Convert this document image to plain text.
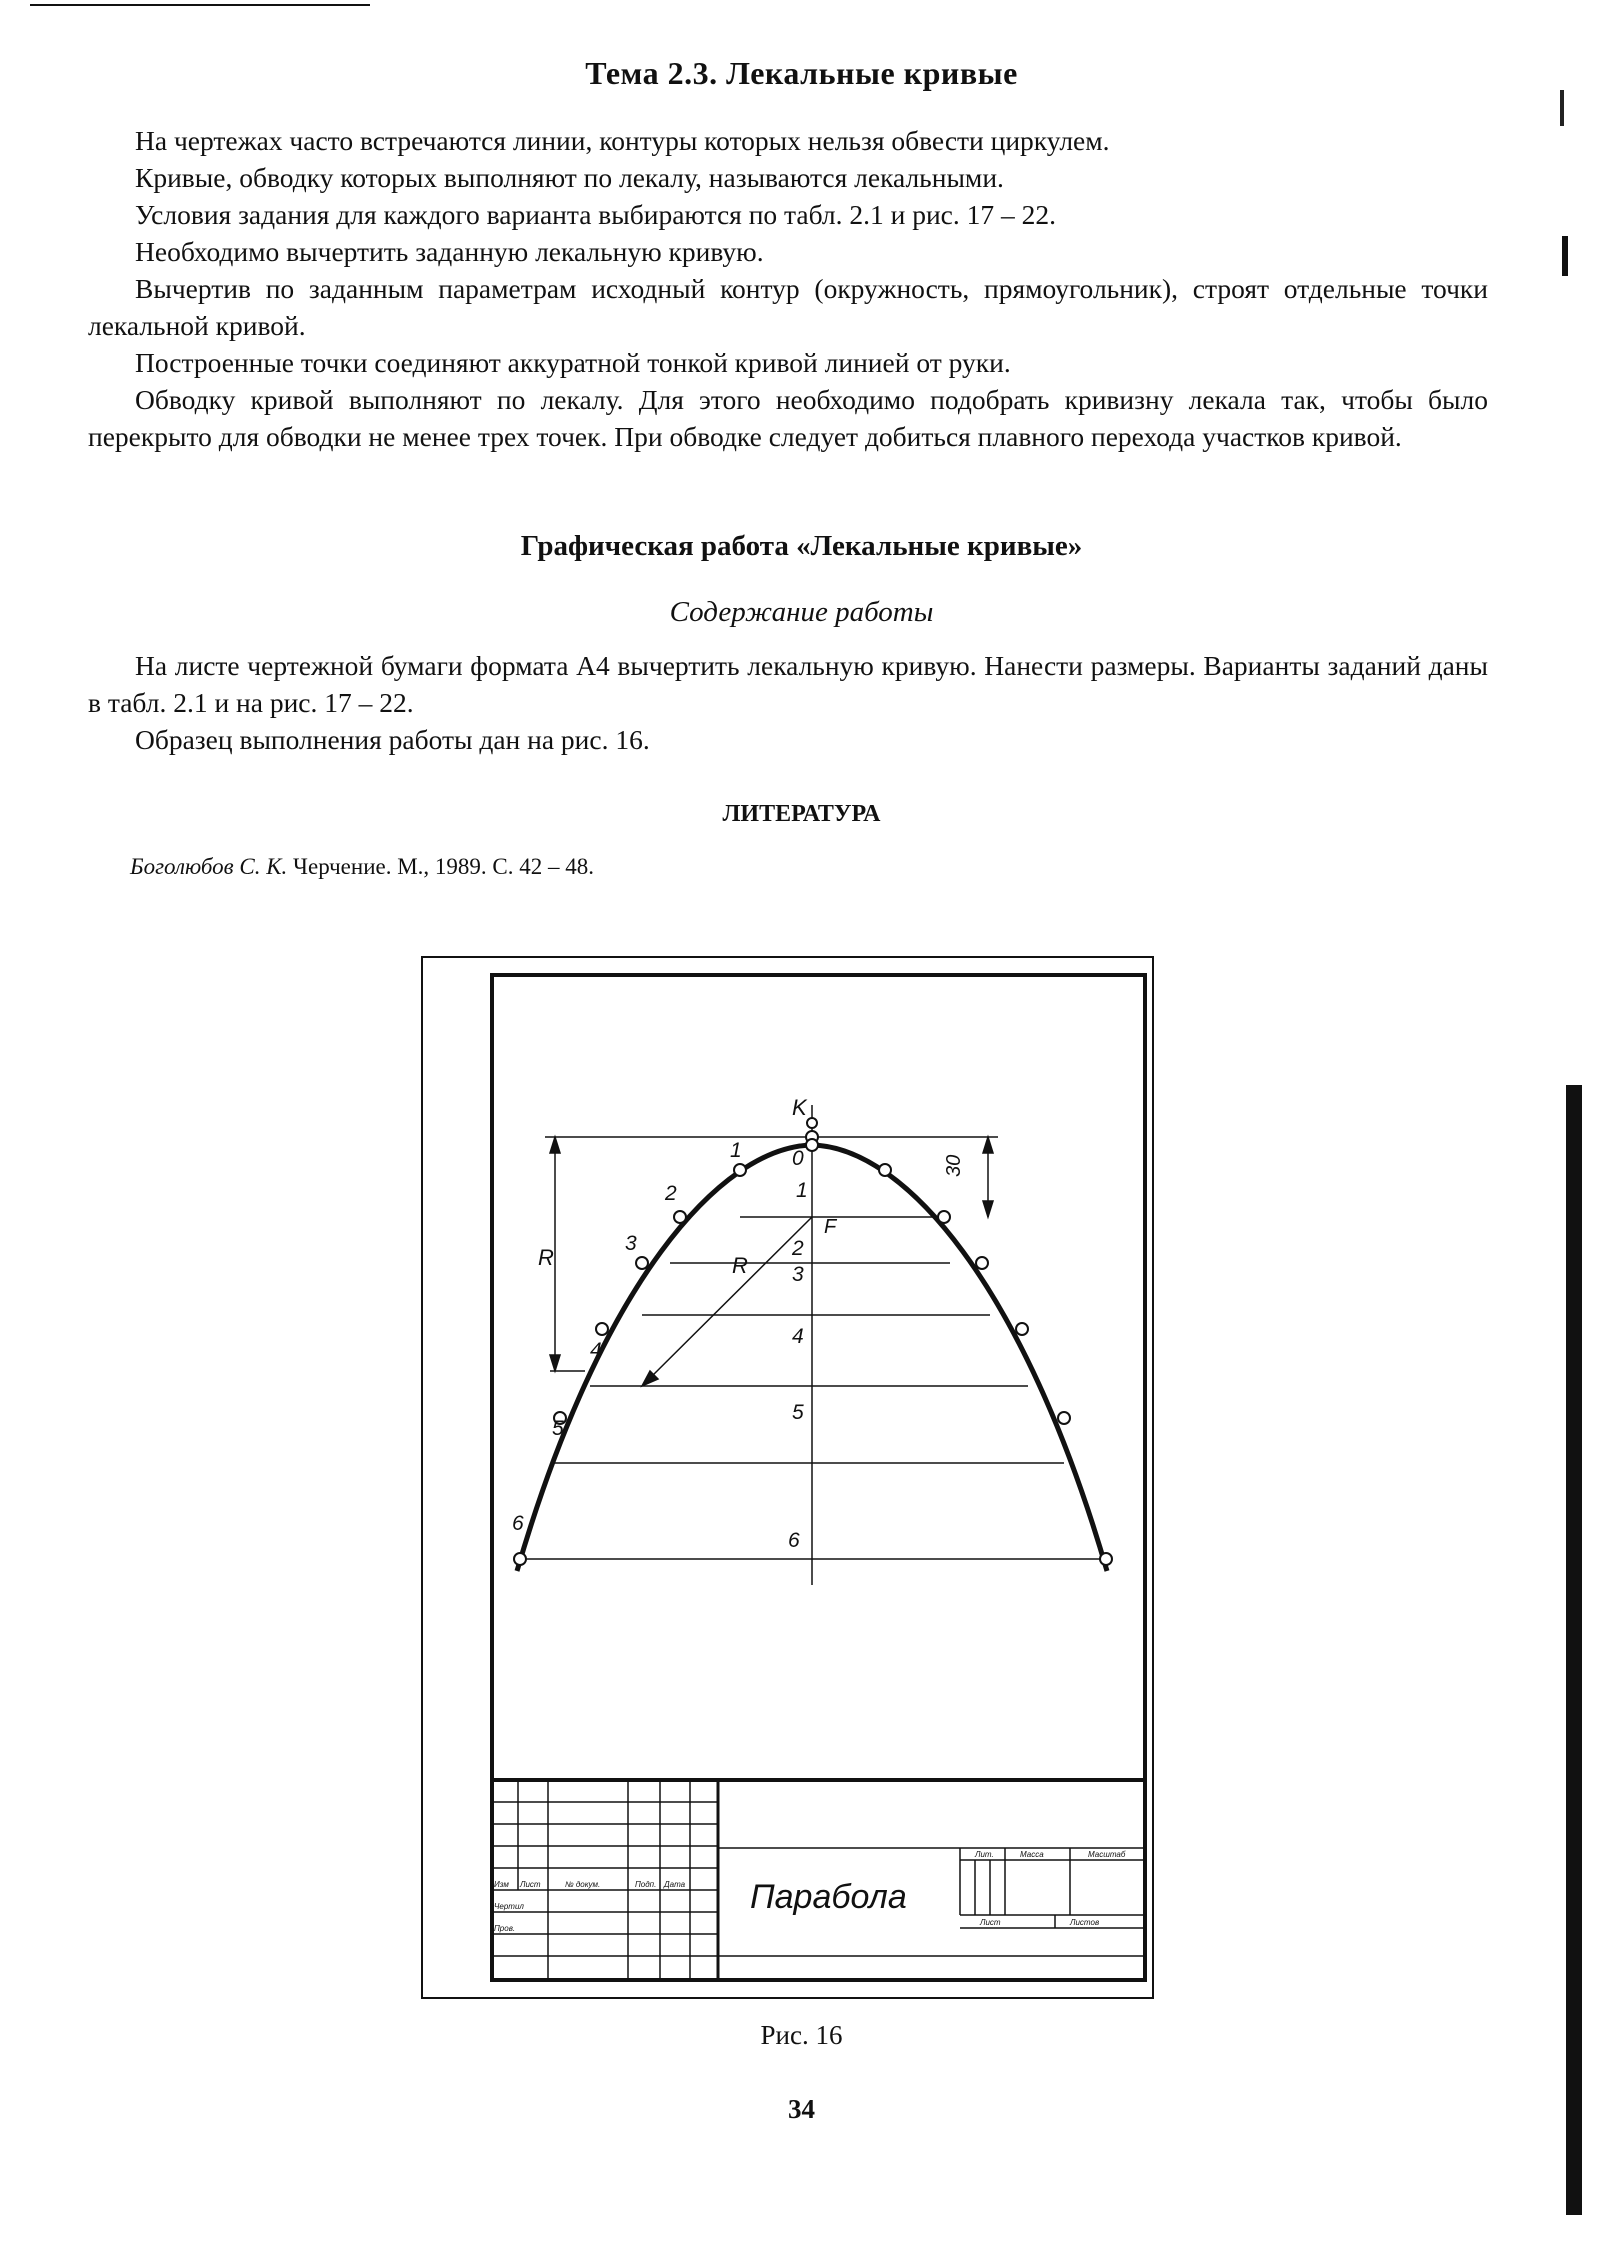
Тема 2.3. Лекальные кривые
На чертежах часто встречаются линии, контуры которых нельзя обвести циркулем.
Кривые, обводку которых выполняют по лекалу, называются лекальными.
Условия задания для каждого варианта выбираются по табл. 2.1 и рис. 17 – 22.
Необходимо вычертить заданную лекальную кривую.
Вычертив по заданным параметрам исходный контур (окружность, прямоугольник), строят отдельные точки лекальной кривой.
Построенные точки соединяют аккуратной тонкой кривой линией от руки.
Обводку кривой выполняют по лекалу. Для этого необходимо подобрать кривизну лекала так, чтобы было перекрыто для обводки не менее трех точек. При обводке следует добиться плавного перехода участков кривой.
Графическая работа «Лекальные кривые»
Содержание работы
На листе чертежной бумаги формата А4 вычертить лекальную кривую. Нанести размеры. Варианты заданий даны в табл. 2.1 и на рис. 17 – 22.
Образец выполнения работы дан на рис. 16.
ЛИТЕРАТУРА
Боголюбов С. К. Черчение. М., 1989. С. 42 – 48.
K
F
R	R
30
0
1
2
3
4
5
6
1
2
3
4
5
6
Парабола
Изм Лист	№ докум.	Подп. Дата
Чертил
Пров.
Лит.	Масса	Масштаб
Лист	Листов
Рис. 16
34
